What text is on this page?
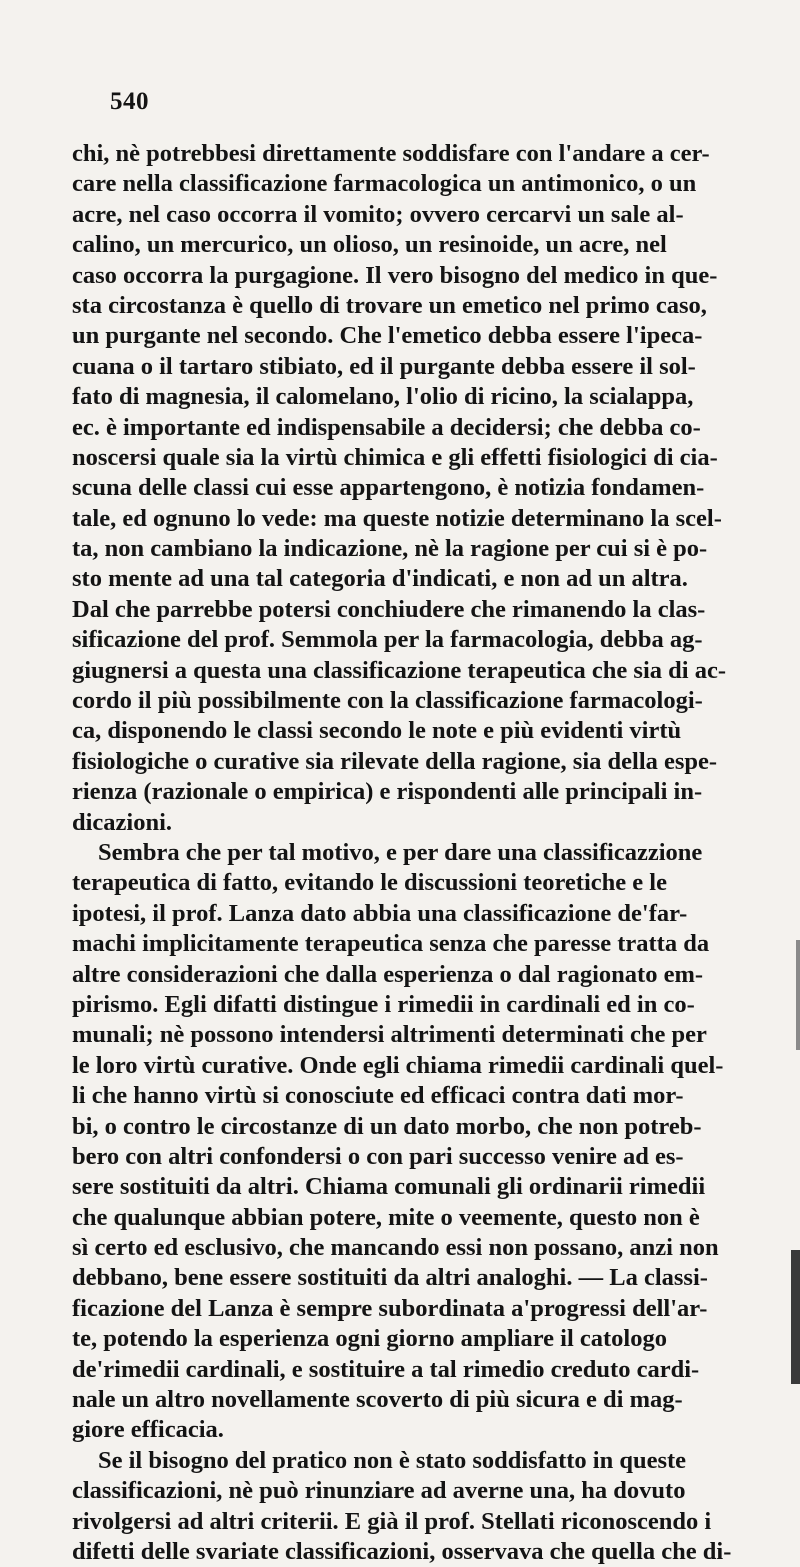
540
chi, nè potrebbesi direttamente soddisfare con l'andare a cer-
care nella classificazione farmacologica un antimonico, o un
acre, nel caso occorra il vomito; ovvero cercarvi un sale al-
calino, un mercurico, un olioso, un resinoide, un acre, nel
caso occorra la purgagione. Il vero bisogno del medico in que-
sta circostanza è quello di trovare un emetico nel primo caso,
un purgante nel secondo. Che l'emetico debba essere l'ipeca-
cuana o il tartaro stibiato, ed il purgante debba essere il sol-
fato di magnesia, il calomelano, l'olio di ricino, la scialappa,
ec. è importante ed indispensabile a decidersi; che debba co-
noscersi quale sia la virtù chimica e gli effetti fisiologici di cia-
scuna delle classi cui esse appartengono, è notizia fondamen-
tale, ed ognuno lo vede: ma queste notizie determinano la scel-
ta, non cambiano la indicazione, nè la ragione per cui si è po-
sto mente ad una tal categoria d'indicati, e non ad un altra.
Dal che parrebbe potersi conchiudere che rimanendo la clas-
sificazione del prof. Semmola per la farmacologia, debba ag-
giugnersi a questa una classificazione terapeutica che sia di ac-
cordo il più possibilmente con la classificazione farmacologi-
ca, disponendo le classi secondo le note e più evidenti virtù
fisiologiche o curative sia rilevate della ragione, sia della espe-
rienza (razionale o empirica) e rispondenti alle principali in-
dicazioni.
Sembra che per tal motivo, e per dare una classificazzione
terapeutica di fatto, evitando le discussioni teoretiche e le
ipotesi, il prof. Lanza dato abbia una classificazione de'far-
machi implicitamente terapeutica senza che paresse tratta da
altre considerazioni che dalla esperienza o dal ragionato em-
pirismo. Egli difatti distingue i rimedii in cardinali ed in co-
munali; nè possono intendersi altrimenti determinati che per
le loro virtù curative. Onde egli chiama rimedii cardinali quel-
li che hanno virtù si conosciute ed efficaci contra dati mor-
bi, o contro le circostanze di un dato morbo, che non potreb-
bero con altri confondersi o con pari successo venire ad es-
sere sostituiti da altri. Chiama comunali gli ordinarii rimedii
che qualunque abbian potere, mite o veemente, questo non è
sì certo ed esclusivo, che mancando essi non possano, anzi non
debbano, bene essere sostituiti da altri analoghi. — La classi-
ficazione del Lanza è sempre subordinata a'progressi dell'ar-
te, potendo la esperienza ogni giorno ampliare il catologo
de'rimedii cardinali, e sostituire a tal rimedio creduto cardi-
nale un altro novellamente scoverto di più sicura e di mag-
giore efficacia.
Se il bisogno del pratico non è stato soddisfatto in queste
classificazioni, nè può rinunziare ad averne una, ha dovuto
rivolgersi ad altri criterii. E già il prof. Stellati riconoscendo i
difetti delle svariate classificazioni, osservava che quella che di-
